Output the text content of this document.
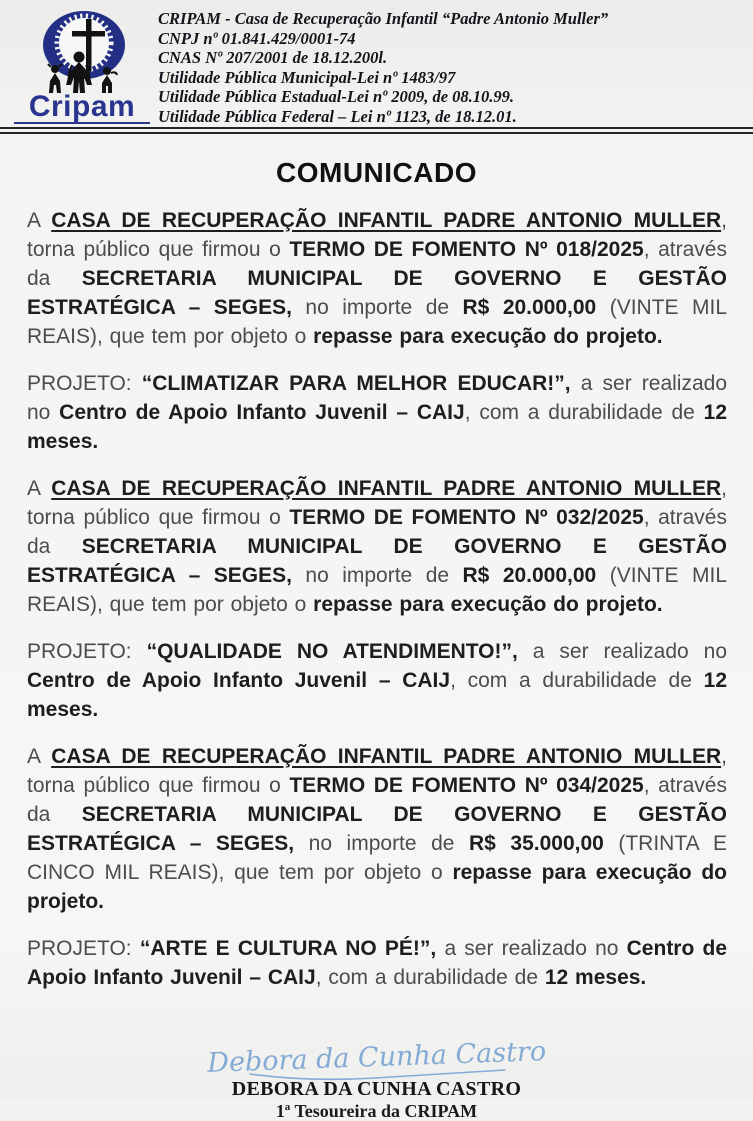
Cripam
CRIPAM - Casa de Recuperação Infantil “Padre Antonio Muller”
CNPJ nº 01.841.429/0001-74
CNAS Nº 207/2001 de 18.12.200l.
Utilidade Pública Municipal-Lei nº 1483/97
Utilidade Pública Estadual-Lei nº 2009, de 08.10.99.
Utilidade Pública Federal – Lei nº 1123, de 18.12.01.
COMUNICADO

A CASA DE RECUPERAÇÃO INFANTIL PADRE ANTONIO MULLER, torna público que firmou o TERMO DE FOMENTO Nº 018/2025, através da SECRETARIA MUNICIPAL DE GOVERNO E GESTÃO ESTRATÉGICA – SEGES, no importe de R$ 20.000,00 (VINTE MIL REAIS), que tem por objeto o repasse para execução do projeto.

PROJETO: “CLIMATIZAR PARA MELHOR EDUCAR!”, a ser realizado no Centro de Apoio Infanto Juvenil – CAIJ, com a durabilidade de 12 meses.

A CASA DE RECUPERAÇÃO INFANTIL PADRE ANTONIO MULLER, torna público que firmou o TERMO DE FOMENTO Nº 032/2025, através da SECRETARIA MUNICIPAL DE GOVERNO E GESTÃO ESTRATÉGICA – SEGES, no importe de R$ 20.000,00 (VINTE MIL REAIS), que tem por objeto o repasse para execução do projeto.

PROJETO: “QUALIDADE NO ATENDIMENTO!”, a ser realizado no Centro de Apoio Infanto Juvenil – CAIJ, com a durabilidade de 12 meses.

A CASA DE RECUPERAÇÃO INFANTIL PADRE ANTONIO MULLER, torna público que firmou o TERMO DE FOMENTO Nº 034/2025, através da SECRETARIA MUNICIPAL DE GOVERNO E GESTÃO ESTRATÉGICA – SEGES, no importe de R$ 35.000,00 (TRINTA E CINCO MIL REAIS), que tem por objeto o repasse para execução do projeto.

PROJETO: “ARTE E CULTURA NO PÉ!”, a ser realizado no Centro de Apoio Infanto Juvenil – CAIJ, com a durabilidade de 12 meses.

Debora da Cunha Castro
DEBORA DA CUNHA CASTRO
1ª Tesoureira da CRIPAM
